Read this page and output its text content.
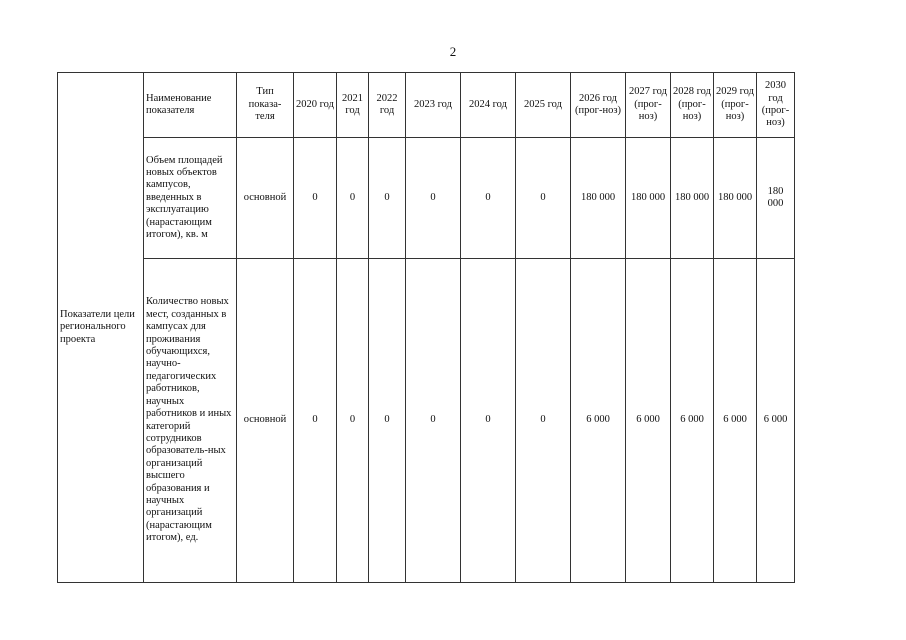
2
Показатели цели регионального проекта	Наименование показателя	Тип показа-теля	2020 год	2021 год	2022 год	2023 год	2024 год	2025 год	2026 год (прог-ноз)	2027 год (прог-ноз)	2028 год (прог-ноз)	2029 год (прог-ноз)	2030 год (прог-ноз)
	Объем площадей новых объектов кампусов, введенных в эксплуатацию (нарастающим итогом), кв. м	основной	0	0	0	0	0	0	180 000	180 000	180 000	180 000	180 000
	Количество новых мест, созданных в кампусах для проживания обучающихся, научно-педагогических работников, научных работников и иных категорий сотрудников образователь-ных организаций высшего образования и научных организаций (нарастающим итогом), ед.	основной	0	0	0	0	0	0	6 000	6 000	6 000	6 000	6 000
